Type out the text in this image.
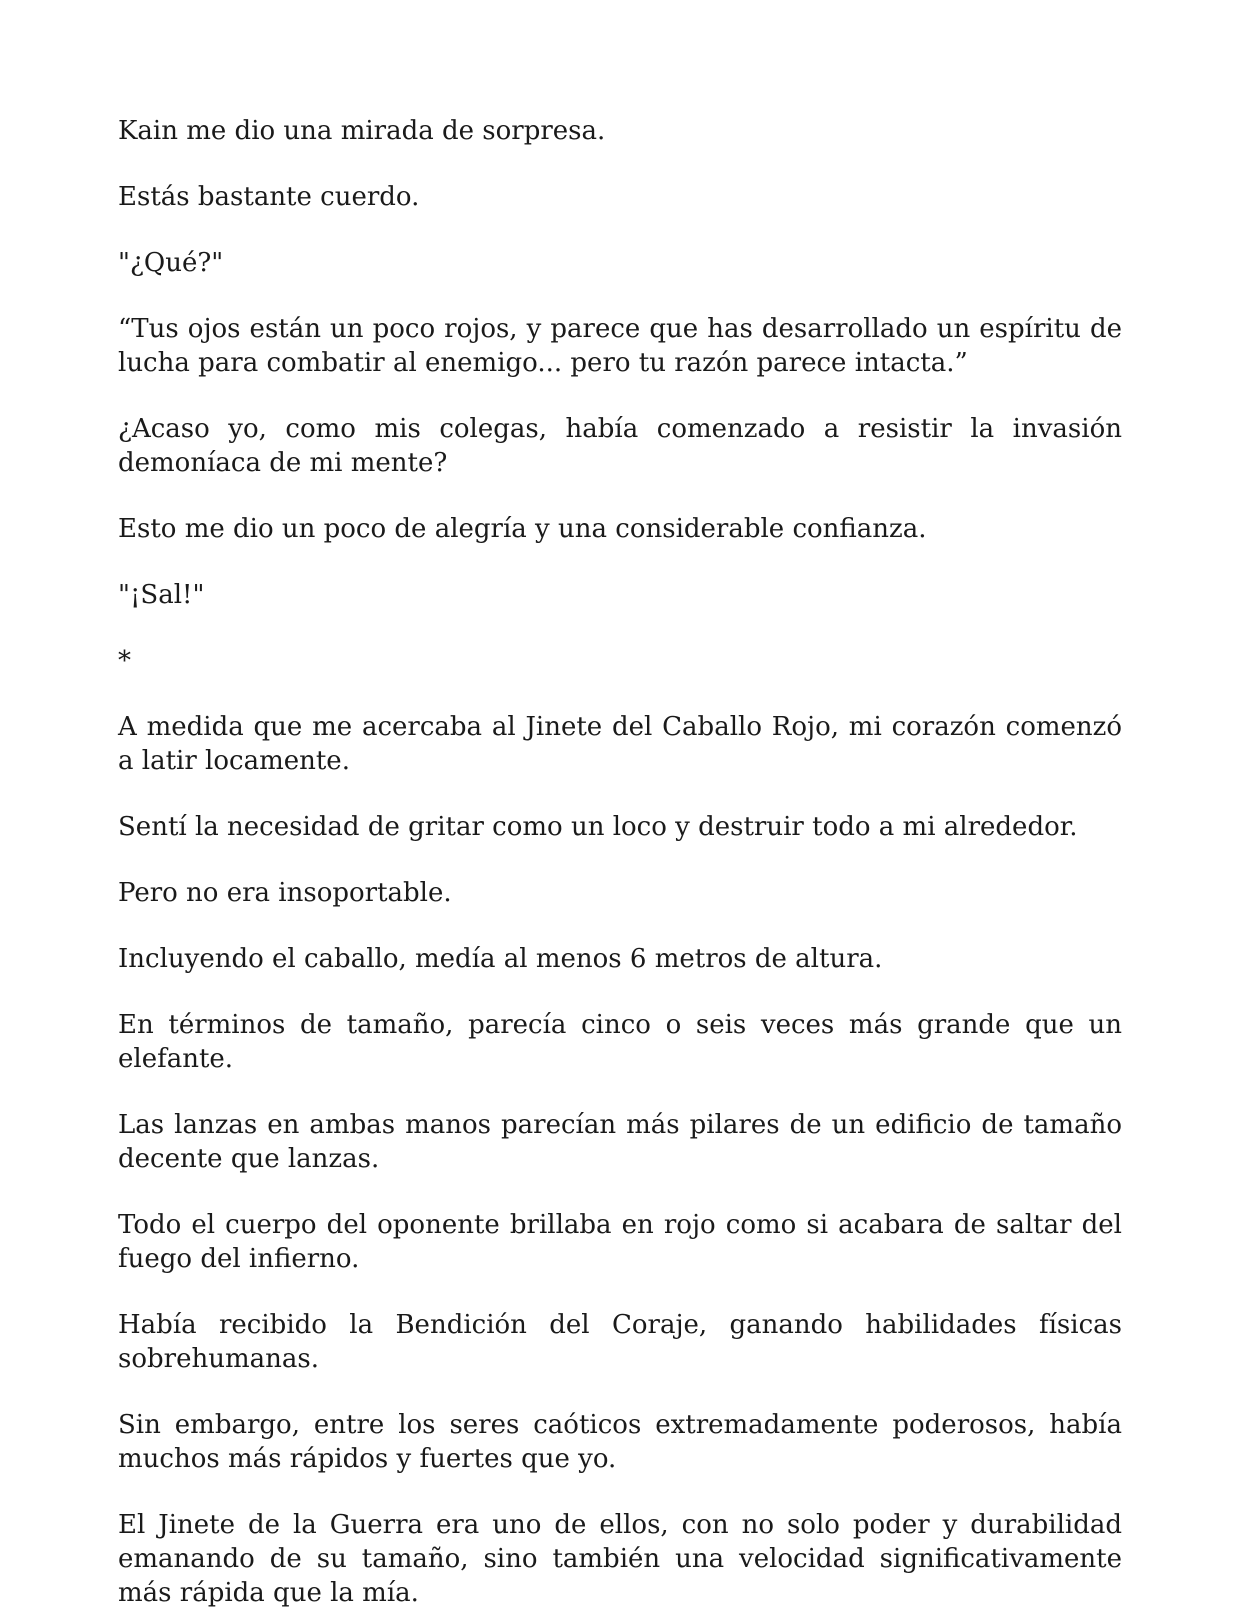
Kain me dio una mirada de sorpresa.

Estás bastante cuerdo.

"¿Qué?"

“Tus ojos están un poco rojos, y parece que has desarrollado un espíritu de lucha para combatir al enemigo... pero tu razón parece intacta.”

¿Acaso yo, como mis colegas, había comenzado a resistir la invasión demoníaca de mi mente?

Esto me dio un poco de alegría y una considerable confianza.

"¡Sal!"

*

A medida que me acercaba al Jinete del Caballo Rojo, mi corazón comenzó a latir locamente.

Sentí la necesidad de gritar como un loco y destruir todo a mi alrededor.

Pero no era insoportable.

Incluyendo el caballo, medía al menos 6 metros de altura.

En términos de tamaño, parecía cinco o seis veces más grande que un elefante.

Las lanzas en ambas manos parecían más pilares de un edificio de tamaño decente que lanzas.

Todo el cuerpo del oponente brillaba en rojo como si acabara de saltar del fuego del infierno.

Había recibido la Bendición del Coraje, ganando habilidades físicas sobrehumanas.

Sin embargo, entre los seres caóticos extremadamente poderosos, había muchos más rápidos y fuertes que yo.

El Jinete de la Guerra era uno de ellos, con no solo poder y durabilidad emanando de su tamaño, sino también una velocidad significativamente más rápida que la mía.
